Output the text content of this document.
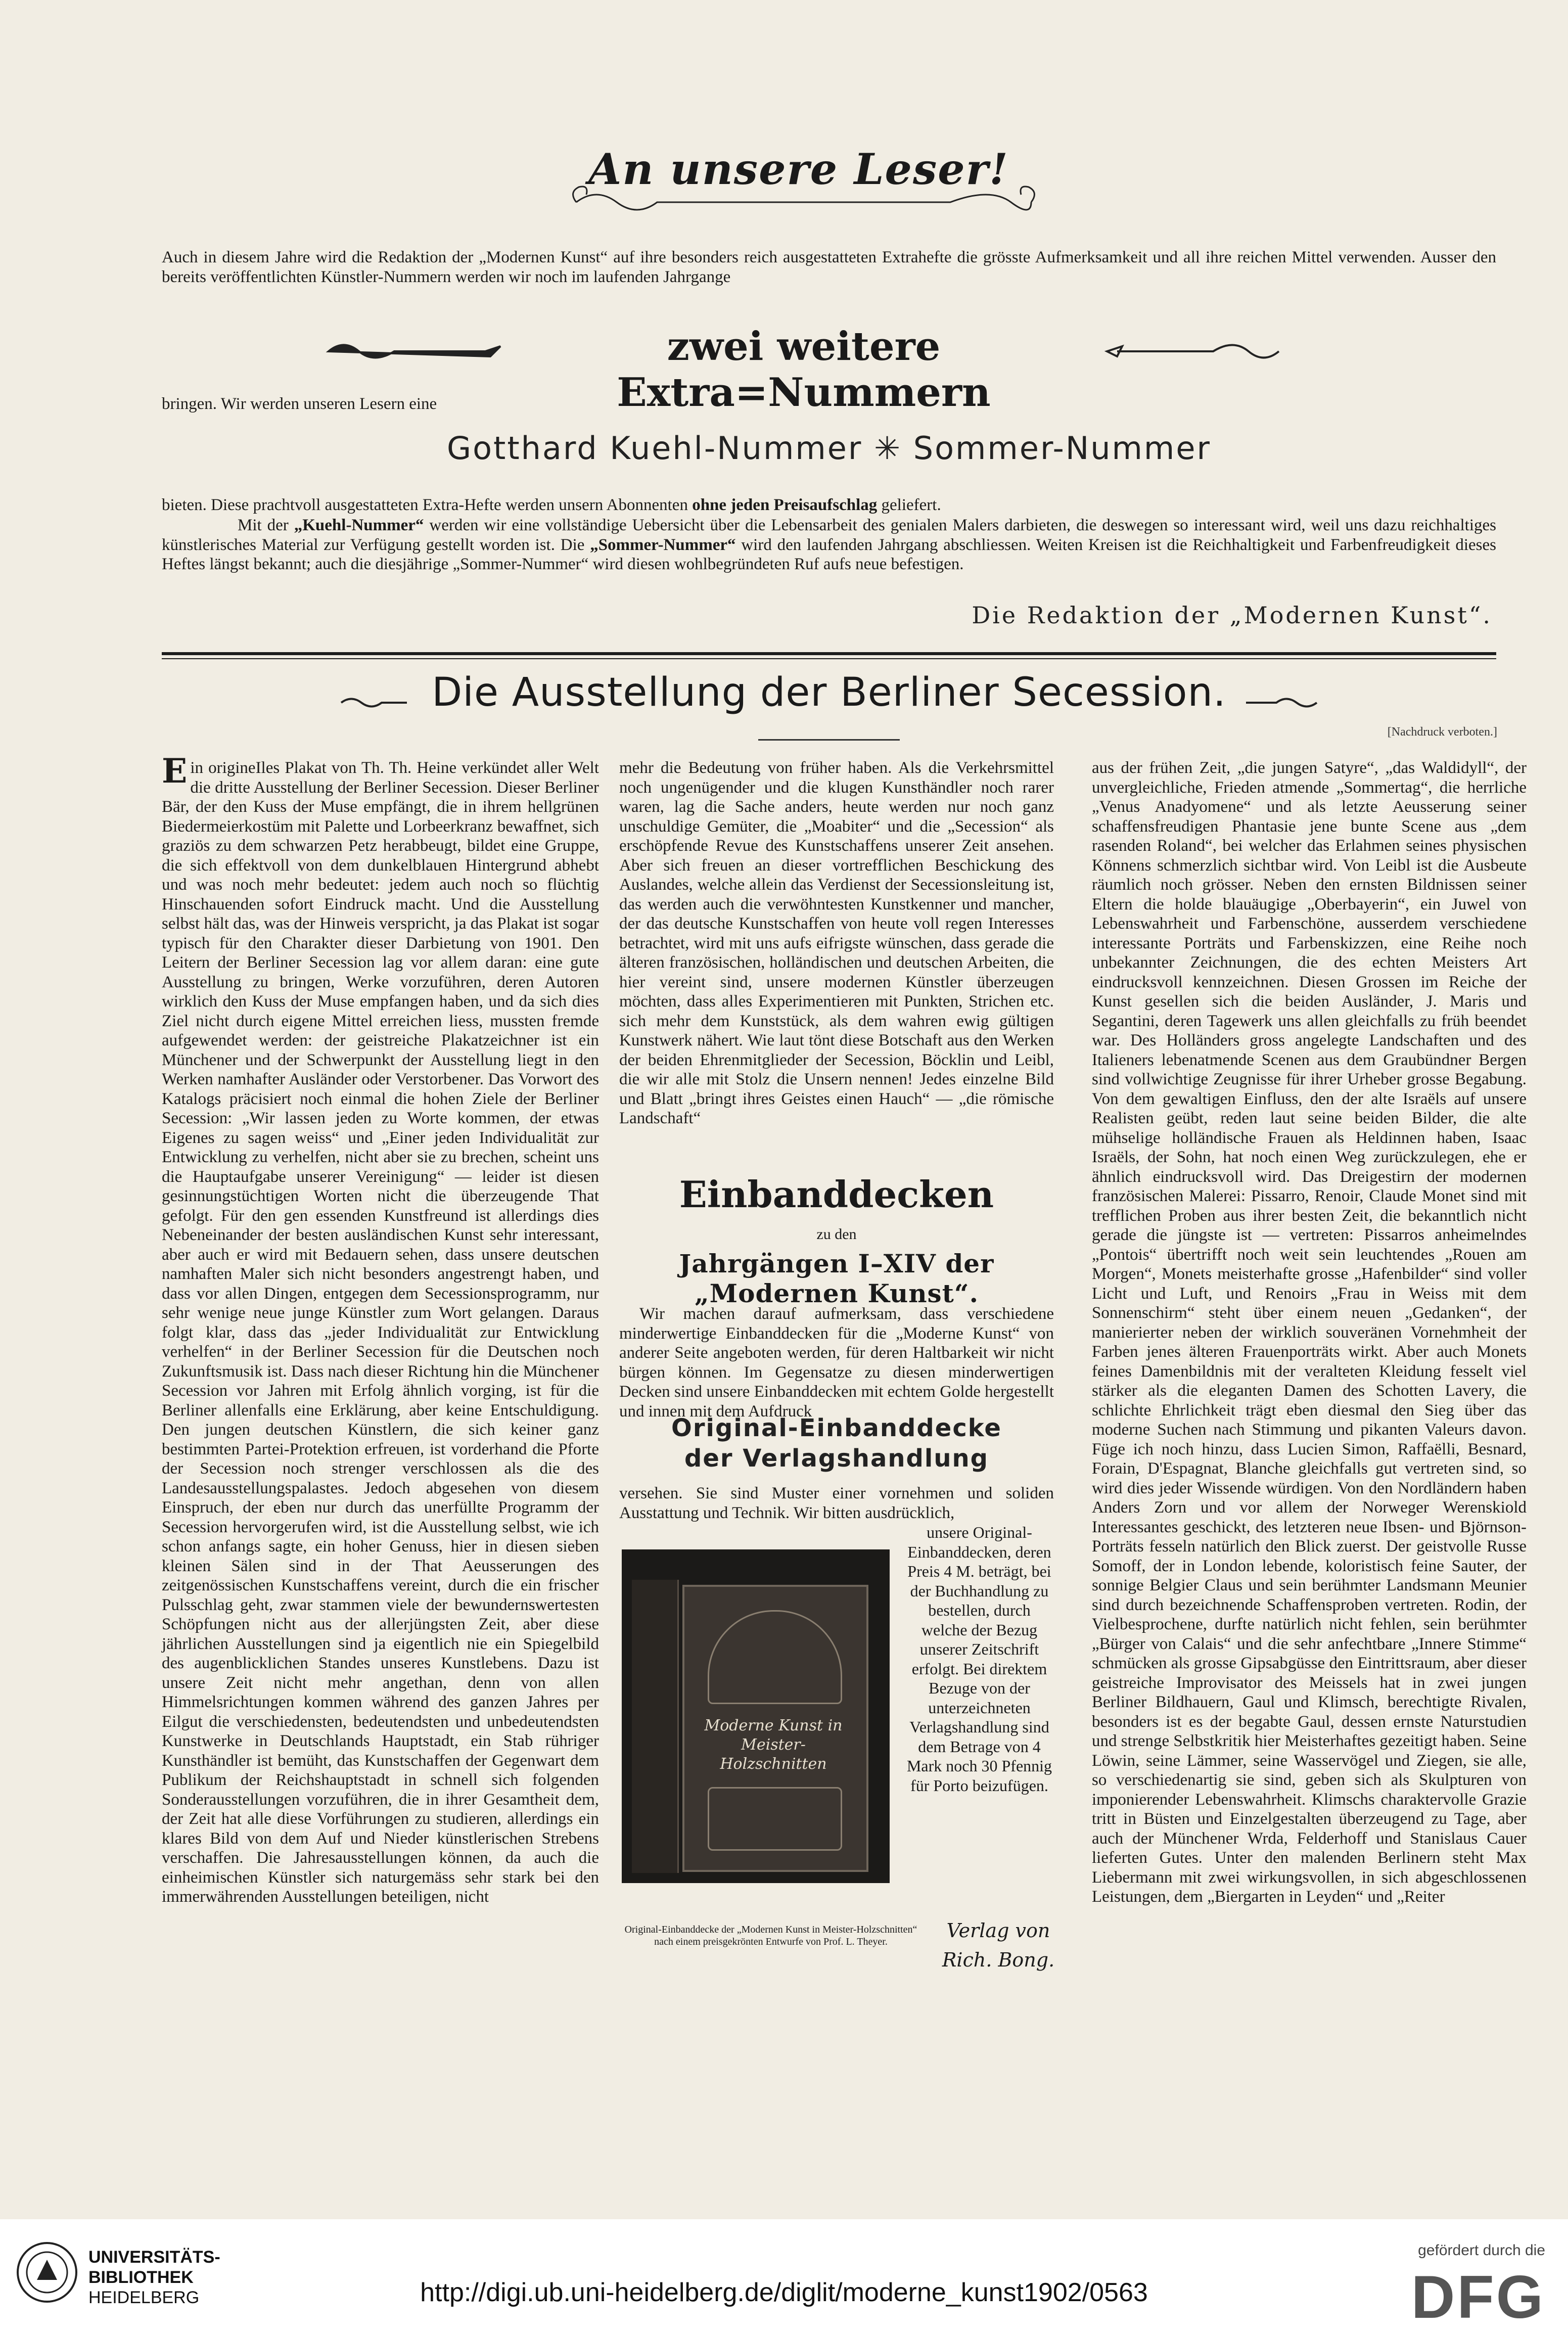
An unsere Leser!
Auch in diesem Jahre wird die Redaktion der „Modernen Kunst“ auf ihre besonders reich ausgestatteten Extrahefte die grösste Aufmerksamkeit und all ihre reichen Mittel verwenden. Ausser den bereits veröffentlichten Künstler-Nummern werden wir noch im laufenden Jahrgange
zwei weitere Extra=Nummern
bringen. Wir werden unseren Lesern eine
Gotthard Kuehl-Nummer ✳ Sommer-Nummer
bieten. Diese prachtvoll ausgestatteten Extra-Hefte werden unsern Abonnenten ohne jeden Preisaufschlag geliefert.
Mit der „Kuehl-Nummer“ werden wir eine vollständige Uebersicht über die Lebensarbeit des genialen Malers darbieten, die deswegen so interessant wird, weil uns dazu reichhaltiges künstlerisches Material zur Verfügung gestellt worden ist. Die „Sommer-Nummer“ wird den laufenden Jahrgang abschliessen. Weiten Kreisen ist die Reichhaltigkeit und Farbenfreudigkeit dieses Heftes längst bekannt; auch die diesjährige „Sommer-Nummer“ wird diesen wohlbegründeten Ruf aufs neue befestigen.
Die Redaktion der „Modernen Kunst“.
Die Ausstellung der Berliner Secession.
[Nachdruck verboten.]
Ein origineIles Plakat von Th. Th. Heine verkündet aller Welt die dritte Ausstellung der Berliner Secession. Dieser Berliner Bär, der den Kuss der Muse empfängt, die in ihrem hellgrünen Biedermeierkostüm mit Palette und Lorbeerkranz bewaffnet, sich graziös zu dem schwarzen Petz herabbeugt, bildet eine Gruppe, die sich effektvoll von dem dunkelblauen Hintergrund abhebt und was noch mehr bedeutet: jedem auch noch so flüchtig Hinschauenden sofort Eindruck macht. Und die Ausstellung selbst hält das, was der Hinweis verspricht, ja das Plakat ist sogar typisch für den Charakter dieser Darbietung von 1901. Den Leitern der Berliner Secession lag vor allem daran: eine gute Ausstellung zu bringen, Werke vorzuführen, deren Autoren wirklich den Kuss der Muse empfangen haben, und da sich dies Ziel nicht durch eigene Mittel erreichen liess, mussten fremde aufgewendet werden: der geistreiche Plakatzeichner ist ein Münchener und der Schwerpunkt der Ausstellung liegt in den Werken namhafter Ausländer oder Verstorbener. Das Vorwort des Katalogs präcisiert noch einmal die hohen Ziele der Berliner Secession: „Wir lassen jeden zu Worte kommen, der etwas Eigenes zu sagen weiss“ und „Einer jeden Individualität zur Entwicklung zu verhelfen, nicht aber sie zu brechen, scheint uns die Hauptaufgabe unserer Vereinigung“ — leider ist diesen gesinnungstüchtigen Worten nicht die überzeugende That gefolgt. Für den gen essenden Kunstfreund ist allerdings dies Nebeneinander der besten ausländischen Kunst sehr interessant, aber auch er wird mit Bedauern sehen, dass unsere deutschen namhaften Maler sich nicht besonders angestrengt haben, und dass vor allen Dingen, entgegen dem Secessionsprogramm, nur sehr wenige neue junge Künstler zum Wort gelangen. Daraus folgt klar, dass das „jeder Individualität zur Entwicklung verhelfen“ in der Berliner Secession für die Deutschen noch Zukunftsmusik ist. Dass nach dieser Richtung hin die Münchener Secession vor Jahren mit Erfolg ähnlich vorging, ist für die Berliner allenfalls eine Erklärung, aber keine Entschuldigung. Den jungen deutschen Künstlern, die sich keiner ganz bestimmten Partei-Protektion erfreuen, ist vorderhand die Pforte der Secession noch strenger verschlossen als die des Landesausstellungspalastes. Jedoch abgesehen von diesem Einspruch, der eben nur durch das unerfüllte Programm der Secession hervorgerufen wird, ist die Ausstellung selbst, wie ich schon anfangs sagte, ein hoher Genuss, hier in diesen sieben kleinen Sälen sind in der That Aeusserungen des zeitgenössischen Kunstschaffens vereint, durch die ein frischer Pulsschlag geht, zwar stammen viele der bewundernswertesten Schöpfungen nicht aus der allerjüngsten Zeit, aber diese jährlichen Ausstellungen sind ja eigentlich nie ein Spiegelbild des augenblicklichen Standes unseres Kunstlebens. Dazu ist unsere Zeit nicht mehr angethan, denn von allen Himmelsrichtungen kommen während des ganzen Jahres per Eilgut die verschiedensten, bedeutendsten und unbedeutendsten Kunstwerke in Deutschlands Hauptstadt, ein Stab rühriger Kunsthändler ist bemüht, das Kunstschaffen der Gegenwart dem Publikum der Reichshauptstadt in schnell sich folgenden Sonderausstellungen vorzuführen, die in ihrer Gesamtheit dem, der Zeit hat alle diese Vorführungen zu studieren, allerdings ein klares Bild von dem Auf und Nieder künstlerischen Strebens verschaffen. Die Jahresausstellungen können, da auch die einheimischen Künstler sich naturgemäss sehr stark bei den immerwährenden Ausstellungen beteiligen, nicht
mehr die Bedeutung von früher haben. Als die Verkehrsmittel noch ungenügender und die klugen Kunsthändler noch rarer waren, lag die Sache anders, heute werden nur noch ganz unschuldige Gemüter, die „Moabiter“ und die „Secession“ als erschöpfende Revue des Kunstschaffens unserer Zeit ansehen. Aber sich freuen an dieser vortrefflichen Beschickung des Auslandes, welche allein das Verdienst der Secessionsleitung ist, das werden auch die verwöhntesten Kunstkenner und mancher, der das deutsche Kunstschaffen von heute voll regen Interesses betrachtet, wird mit uns aufs eifrigste wünschen, dass gerade die älteren französischen, holländischen und deutschen Arbeiten, die hier vereint sind, unsere modernen Künstler überzeugen möchten, dass alles Experimentieren mit Punkten, Strichen etc. sich mehr dem Kunststück, als dem wahren ewig gültigen Kunstwerk nähert. Wie laut tönt diese Botschaft aus den Werken der beiden Ehrenmitglieder der Secession, Böcklin und Leibl, die wir alle mit Stolz die Unsern nennen! Jedes einzelne Bild und Blatt „bringt ihres Geistes einen Hauch“ — „die römische Landschaft“
Einbanddecken
zu den
Jahrgängen I–XIV der „Modernen Kunst“.
Wir machen darauf aufmerksam, dass verschiedene minderwertige Einbanddecken für die „Moderne Kunst“ von anderer Seite angeboten werden, für deren Haltbarkeit wir nicht bürgen können. Im Gegensatze zu diesen minderwertigen Decken sind unsere Einbanddecken mit echtem Golde hergestellt und innen mit dem Aufdruck
Original-Einbanddecke
der Verlagshandlung
versehen. Sie sind Muster einer vornehmen und soliden Ausstattung und Technik. Wir bitten ausdrücklich,
unsere Original-Einbanddecken, deren Preis 4 M. beträgt, bei der Buchhandlung zu bestellen, durch welche der Bezug unserer Zeitschrift erfolgt. Bei direktem Bezuge von der unterzeichneten Verlagshandlung sind dem Betrage von 4 Mark noch 30 Pfennig für Porto beizufügen.
Moderne Kunst in Meister-Holzschnitten
Original-Einbanddecke der „Modernen Kunst in Meister-Holzschnitten“ nach einem preisgekrönten Entwurfe von Prof. L. Theyer.	Verlag von
Rich. Bong.
aus der frühen Zeit, „die jungen Satyre“, „das Waldidyll“, der unvergleichliche, Frieden atmende „Sommertag“, die herrliche „Venus Anadyomene“ und als letzte Aeusserung seiner schaffensfreudigen Phantasie jene bunte Scene aus „dem rasenden Roland“, bei welcher das Erlahmen seines physischen Könnens schmerzlich sichtbar wird. Von Leibl ist die Ausbeute räumlich noch grösser. Neben den ernsten Bildnissen seiner Eltern die holde blauäugige „Oberbayerin“, ein Juwel von Lebenswahrheit und Farbenschöne, ausserdem verschiedene interessante Porträts und Farbenskizzen, eine Reihe noch unbekannter Zeichnungen, die des echten Meisters Art eindrucksvoll kennzeichnen. Diesen Grossen im Reiche der Kunst gesellen sich die beiden Ausländer, J. Maris und Segantini, deren Tagewerk uns allen gleichfalls zu früh beendet war. Des Holländers gross angelegte Landschaften und des Italieners lebenatmende Scenen aus dem Graubündner Bergen sind vollwichtige Zeugnisse für ihrer Urheber grosse Begabung. Von dem gewaltigen Einfluss, den der alte Israëls auf unsere Realisten geübt, reden laut seine beiden Bilder, die alte mühselige holländische Frauen als Heldinnen haben, Isaac Israëls, der Sohn, hat noch einen Weg zurückzulegen, ehe er ähnlich eindrucksvoll wird. Das Dreigestirn der modernen französischen Malerei: Pissarro, Renoir, Claude Monet sind mit trefflichen Proben aus ihrer besten Zeit, die bekanntlich nicht gerade die jüngste ist — vertreten: Pissarros anheimelndes „Pontois“ übertrifft noch weit sein leuchtendes „Rouen am Morgen“, Monets meisterhafte grosse „Hafenbilder“ sind voller Licht und Luft, und Renoirs „Frau in Weiss mit dem Sonnenschirm“ steht über einem neuen „Gedanken“, der manierierter neben der wirklich souveränen Vornehmheit der Farben jenes älteren Frauenporträts wirkt. Aber auch Monets feines Damenbildnis mit der veralteten Kleidung fesselt viel stärker als die eleganten Damen des Schotten Lavery, die schlichte Ehrlichkeit trägt eben diesmal den Sieg über das moderne Suchen nach Stimmung und pikanten Valeurs davon. Füge ich noch hinzu, dass Lucien Simon, Raffaëlli, Besnard, Forain, D'Espagnat, Blanche gleichfalls gut vertreten sind, so wird dies jeder Wissende würdigen. Von den Nordländern haben Anders Zorn und vor allem der Norweger Werenskiold Interessantes geschickt, des letzteren neue Ibsen- und Björnson-Porträts fesseln natürlich den Blick zuerst. Der geistvolle Russe Somoff, der in London lebende, koloristisch feine Sauter, der sonnige Belgier Claus und sein berühmter Landsmann Meunier sind durch bezeichnende Schaffensproben vertreten. Rodin, der Vielbesprochene, durfte natürlich nicht fehlen, sein berühmter „Bürger von Calais“ und die sehr anfechtbare „Innere Stimme“ schmücken als grosse Gipsabgüsse den Eintrittsraum, aber dieser geistreiche Improvisator des Meissels hat in zwei jungen Berliner Bildhauern, Gaul und Klimsch, berechtigte Rivalen, besonders ist es der begabte Gaul, dessen ernste Naturstudien und strenge Selbstkritik hier Meisterhaftes gezeitigt haben. Seine Löwin, seine Lämmer, seine Wasservögel und Ziegen, sie alle, so verschiedenartig sie sind, geben sich als Skulpturen von imponierender Lebenswahrheit. Klimschs charaktervolle Grazie tritt in Büsten und Einzelgestalten überzeugend zu Tage, aber auch der Münchener Wrda, Felderhoff und Stanislaus Cauer lieferten Gutes. Unter den malenden Berlinern steht Max Liebermann mit zwei wirkungsvollen, in sich abgeschlossenen Leistungen, dem „Biergarten in Leyden“ und „Reiter
UNIVERSITÄTS-
BIBLIOTHEK
HEIDELBERG	http://digi.ub.uni-heidelberg.de/diglit/moderne_kunst1902/0563
gefördert durch die
DFG
